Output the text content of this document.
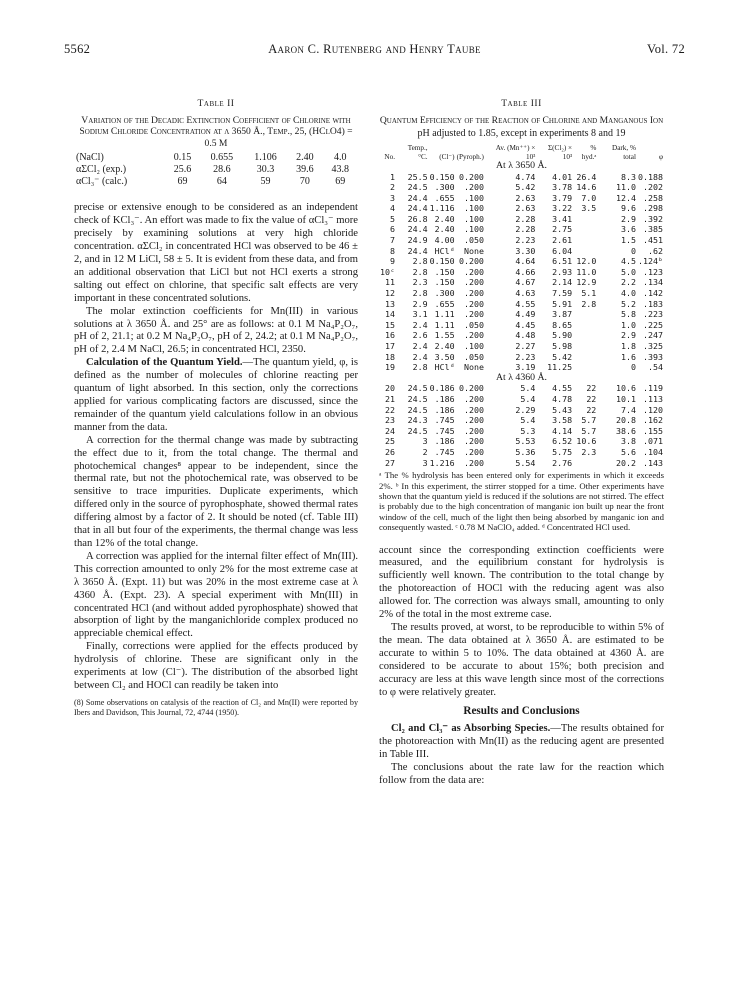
5562	Aaron C. Rutenberg and Henry Taube	Vol. 72
Table II
Variation of the Decadic Extinction Coefficient of Chlorine with Sodium Chloride Concentration at λ 3650 Å., Temp., 25, (HClO4) = 0.5 M
(NaCl)	0.15	0.655	1.106	2.40	4.0
αΣCl₂ (exp.)	25.6	28.6	30.3	39.6	43.8
αCl₃⁻ (calc.)	69	64	59	70	69

precise or extensive enough to be considered as an independent check of KCl₃⁻. An effort was made to fix the value of αCl₃⁻ more precisely by examining solutions at very high chloride concentration. αΣCl₂ in concentrated HCl was observed to be 46 ± 2, and in 12 M LiCl, 58 ± 5. It is evident from these data, and from an additional observation that LiCl but not HCl exerts a strong salting out effect on chlorine, that specific salt effects are very important in these concentrated solutions.

The molar extinction coefficients for Mn(III) in various solutions at λ 3650 Å. and 25° are as follows: at 0.1 M Na₄P₂O₇, pH of 2, 21.1; at 0.2 M Na₄P₂O₇, pH of 2, 24.2; at 0.1 M Na₄P₂O₇, pH of 2, 2.4 M NaCl, 26.5; in concentrated HCl, 2350.

Calculation of the Quantum Yield.—The quantum yield, φ, is defined as the number of molecules of chlorine reacting per quantum of light absorbed. In this section, only the corrections applied for various complicating factors are discussed, since the remainder of the quantum yield calculations follow in an obvious manner from the data.

A correction for the thermal change was made by subtracting the effect due to it, from the total change. The thermal and photochemical changes⁸ appear to be independent, since the thermal rate, but not the photochemical rate, was observed to be sensitive to trace impurities. Duplicate experiments, which differed only in the source of pyrophosphate, showed thermal rates differing almost by a factor of 2. It should be noted (cf. Table III) that in all but four of the experiments, the thermal change was less than 12% of the total change.

A correction was applied for the internal filter effect of Mn(III). This correction amounted to only 2% for the most extreme case at λ 3650 Å. (Expt. 11) but was 20% in the most extreme case at λ 4360 Å. (Expt. 23). A special experiment with Mn(III) in concentrated HCl (and without added pyrophosphate) showed that absorption of light by the manganichloride complex produced no appreciable chemical effect.

Finally, corrections were applied for the effects produced by hydrolysis of chlorine. These are significant only in the experiments at low (Cl⁻). The distribution of the absorbed light between Cl₂ and HOCl can readily be taken into

(8) Some observations on catalysis of the reaction of Cl₂ and Mn(II) were reported by Ibers and Davidson, This Journal, 72, 4744 (1950).

Table III
Quantum Efficiency of the Reaction of Chlorine and Manganous Ion
pH adjusted to 1.85, except in experiments 8 and 19
No.	Temp., °C.	(Cl⁻)	(Pyroph.)	Av. (Mn⁺⁺) × 10³	Σ(Cl₂) × 10³	% hyd.ᵃ	Dark, % total	φ
At λ 3650 Å.								
1	25.5	0.150	0.200	4.74	4.01	26.4	8.3	0.188
2	24.5	.300	.200	5.42	3.78	14.6	11.0	.202
3	24.4	.655	.100	2.63	3.79	7.0	12.4	.258
4	24.4	1.116	.100	2.63	3.22	3.5	9.6	.298
5	26.8	2.40	.100	2.28	3.41		2.9	.392
6	24.4	2.40	.100	2.28	2.75		3.6	.385
7	24.9	4.00	.050	2.23	2.61		1.5	.451
8	24.4	HClᵈ	None	3.30	6.04		0	.62
9	2.8	0.150	0.200	4.64	6.51	12.0	4.5	.124ᵇ
10ᶜ	2.8	.150	.200	4.66	2.93	11.0	5.0	.123
11	2.3	.150	.200	4.67	2.14	12.9	2.2	.134
12	2.8	.300	.200	4.63	7.59	5.1	4.0	.142
13	2.9	.655	.200	4.55	5.91	2.8	5.2	.183
14	3.1	1.11	.200	4.49	3.87		5.8	.223
15	2.4	1.11	.050	4.45	8.65		1.0	.225
16	2.6	1.55	.200	4.48	5.90		2.9	.247
17	2.4	2.40	.100	2.27	5.98		1.8	.325
18	2.4	3.50	.050	2.23	5.42		1.6	.393
19	2.8	HClᵈ	None	3.19	11.25		0	.54
At λ 4360 Å.								
20	24.5	0.186	0.200	5.4	4.55	22	10.6	.119
21	24.5	.186	.200	5.4	4.78	22	10.1	.113
22	24.5	.186	.200	2.29	5.43	22	7.4	.120
23	24.3	.745	.200	5.4	3.58	5.7	20.8	.162
24	24.5	.745	.200	5.3	4.14	5.7	38.6	.155
25	3	.186	.200	5.53	6.52	10.6	3.8	.071
26	2	.745	.200	5.36	5.75	2.3	5.6	.104
27	3	1.216	.200	5.54	2.76		20.2	.143

ᵃ The % hydrolysis has been entered only for experiments in which it exceeds 2%. ᵇ In this experiment, the stirrer stopped for a time. Other experiments have shown that the quantum yield is reduced if the solutions are not stirred. The effect is probably due to the high concentration of manganic ion built up near the front window of the cell, much of the light then being absorbed by manganic ion and consequently wasted. ᶜ 0.78 M NaClO₄ added. ᵈ Concentrated HCl used.

account since the corresponding extinction coefficients were measured, and the equilibrium constant for hydrolysis is sufficiently well known. The contribution to the total change by the photoreaction of HOCl with the reducing agent was also allowed for. The correction was always small, amounting to only 2% of the total in the most extreme case.

The results proved, at worst, to be reproducible to within 5% of the mean. The data obtained at λ 3650 Å. are estimated to be accurate to within 5 to 10%. The data obtained at 4360 Å. are considered to be accurate to about 15%; both precision and accuracy are less at this wave length since most of the corrections to φ were relatively greater.

Results and Conclusions

Cl₂ and Cl₃⁻ as Absorbing Species.—The results obtained for the photoreaction with Mn(II) as the reducing agent are presented in Table III.

The conclusions about the rate law for the reaction which follow from the data are:
